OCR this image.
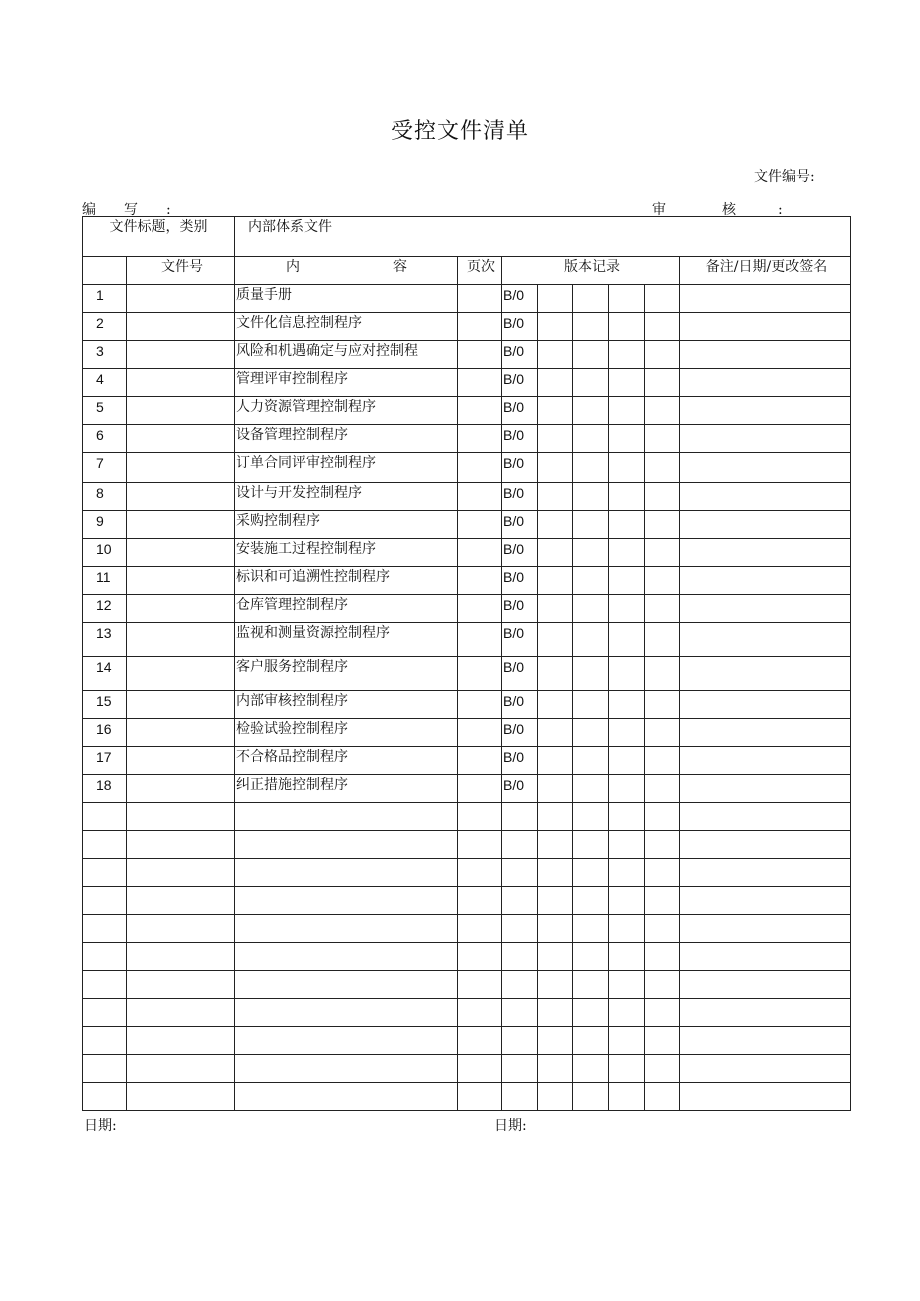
受控文件清单
文件编号:
编　　写　　:	审　　　　核　　　:
文件标题，类别		内部体系文件							
	文件号	内 容	页次	版本记录					备注/日期/更改签名
1		质量手册		B/0					
2		文件化信息控制程序		B/0					
3		风险和机遇确定与应对控制程		B/0					
4		管理评审控制程序		B/0					
5		人力资源管理控制程序		B/0					
6		设备管理控制程序		B/0					
7		订单合同评审控制程序		B/0					
8		设计与开发控制程序		B/0					
9		采购控制程序		B/0					
10		安装施工过程控制程序		B/0					
11		标识和可追溯性控制程序		B/0					
12		仓库管理控制程序		B/0					
13		监视和测量资源控制程序		B/0					
14		客户服务控制程序		B/0					
15		内部审核控制程序		B/0					
16		检验试验控制程序		B/0					
17		不合格品控制程序		B/0					
18		纠正措施控制程序		B/0					

日期:	日期:
